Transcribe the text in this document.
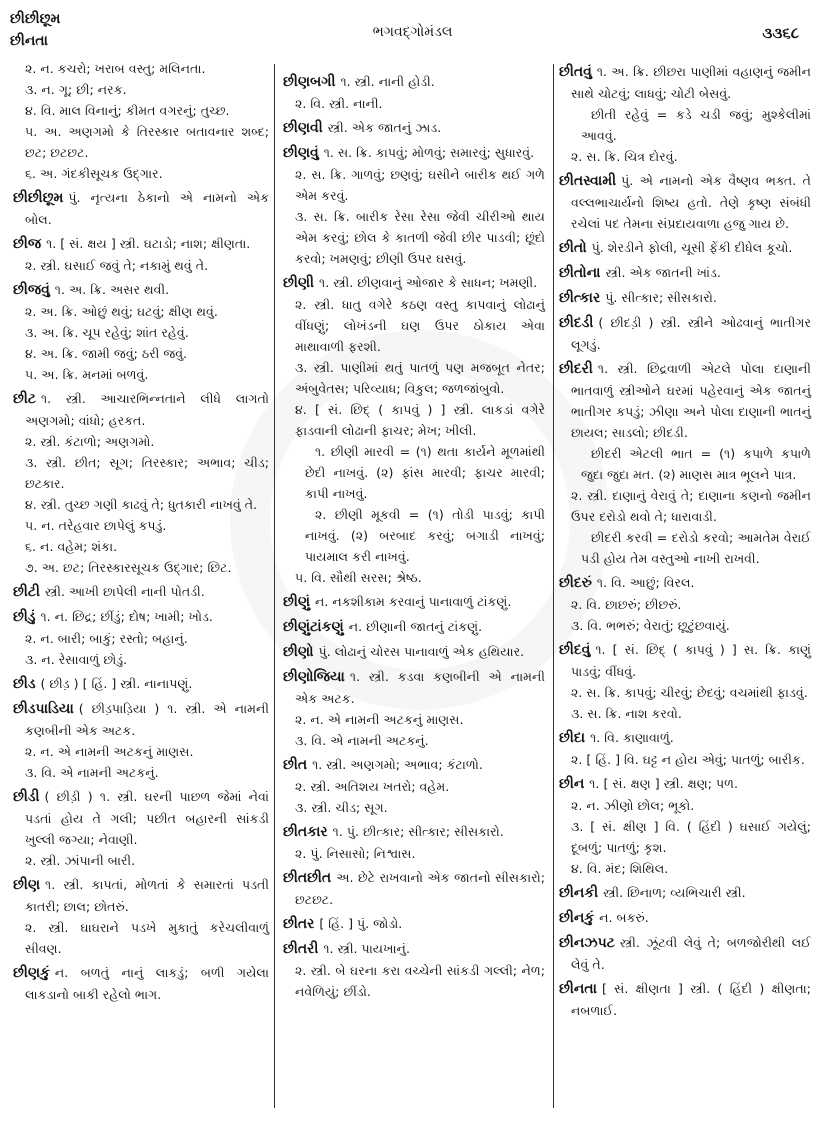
છીછીછૂમ
છીનતા
ભગવદ્ગોમંડલ	૩૩૬૮

૨. ન. કચરો; ખરાબ વસ્તુ; મલિનતા.

૩. ન. ગૂ; છી; નરક.

૪. વિ. માલ વિનાનું; કીમત વગરનું; તુચ્છ.

૫. અ. અણગમો કે તિરસ્કાર બતાવનાર શબ્દ; છટ; છટછટ.

૬. અ. ગંદકીસૂચક ઉદ્ગાર.

છીછીછૂમ પું. નૃત્યના ઠેકાનો એ નામનો એક બોલ.

છીજ ૧. [ સં. ક્ષય ] સ્ત્રી. ઘટાડો; નાશ; ક્ષીણતા.

૨. સ્ત્રી. ઘસાઈ જવું તે; નકામું થવું તે.

છીજવું ૧. અ. ક્રિ. અસર થવી.

૨. અ. ક્રિ. ઓછું થવું; ઘટવું; ક્ષીણ થવું.

૩. અ. ક્રિ. ચૂપ રહેવું; શાંત રહેવું.

૪. અ. ક્રિ. જામી જવું; ઠરી જવું.

૫. અ. ક્રિ. મનમાં બળવું.

છીટ ૧. સ્ત્રી. આચારભિન્નતાને લીધે લાગતો અણગમો; વાંધો; હરકત.

૨. સ્ત્રી. કંટાળો; અણગમો.

૩. સ્ત્રી. છીત; સૂગ; તિરસ્કાર; અભાવ; ચીડ; છટકાર.

૪. સ્ત્રી. તુચ્છ ગણી કાઢવું તે; ધુતકારી નાખવું તે.

૫. ન. તરેહવાર છાપેલું કપડું.

૬. ન. વહેમ; શંકા.

૭. અ. છટ; તિરસ્કારસૂચક ઉદ્ગાર; છિટ.

છીટી સ્ત્રી. આખી છાપેલી નાની પોતડી.

છીડું ૧. ન. છિદ્ર; છીંડું; દોષ; ખામી; ખોડ.

૨. ન. બારી; બાકું; રસ્તો; બહાનું.

૩. ન. રેસાવાળું છોડું.

છીડ ( છીડ઼ ) [ હિં. ] સ્ત્રી. નાનાપણું.

છીડપાડિયા ( છીડ઼પાડ઼િયા ) ૧. સ્ત્રી. એ નામની કણબીની એક અટક.

૨. ન. એ નામની અટકનું માણસ.

૩. વિ. એ નામની અટકનું.

છીડી ( છીડ઼ી ) ૧. સ્ત્રી. ઘરની પાછળ જેમાં નેવાં પડતાં હોય તે ગલી; પછીત બહારની સાંકડી ખુલ્લી જગ્યા; નેવાણી.

૨. સ્ત્રી. ઝાંપાની બારી.

છીણ ૧. સ્ત્રી. કાપતાં, મોળતાં કે સમારતાં પડતી કાતરી; છાલ; છોતરું.

૨. સ્ત્રી. ઘાઘરાને પડખે મુકાતું કરેચલીવાળું સીવણ.

છીણકું ન. બળતું નાનું લાકડું; બળી ગયેલા લાકડાનો બાકી રહેલો ભાગ.

છીણબગી ૧. સ્ત્રી. નાની હોડી.

૨. વિ. સ્ત્રી. નાની.

છીણવી સ્ત્રી. એક જાતનું ઝાડ.

છીણવું ૧. સ. ક્રિ. કાપવું; મોળવું; સમારવું; સુધારવું.

૨. સ. ક્રિ. ગાળવું; છણવું; ઘસીને બારીક થઈ ગળે એમ કરવું.

૩. સ. ક્રિ. બારીક રેસા રેસા જેવી ચીરીઓ થાય એમ કરવું; છોલ કે કાતળી જેવી છીર પાડવી; છૂંદો કરવો; ખમણવું; છીણી ઉપર ઘસવું.

છીણી ૧. સ્ત્રી. છીણવાનું ઓજાર કે સાધન; ખમણી.

૨. સ્ત્રી. ધાતુ વગેરે કઠણ વસ્તુ કાપવાનું લોઢાનું વીંધણું; લોખંડની ઘણ ઉપર ઠોકાય એવા માથાવાળી ફરશી.

૩. સ્ત્રી. પાણીમાં થતું પાતળું પણ મજબૂત નેતર; અંબુવેતસ; પરિવ્યાધ; વિકુલ; જળજાંબુવો.

૪. [ સં. છિદ્ ( કાપવું ) ] સ્ત્રી. લાકડાં વગેરે ફાડવાની લોઢાની ફાચર; મેખ; ખીલી.

૧. છીણી મારવી = (૧) થતા કાર્યને મૂળમાંથી છેદી નાખવું. (૨) ફાંસ મારવી; ફાચર મારવી; કાપી નાખવું.

૨. છીણી મૂકવી = (૧) તોડી પાડવું; કાપી નાખવું. (૨) બરબાદ કરવું; બગાડી નાખવું; પાયમાલ કરી નાખવું.

૫. વિ. સૌથી સરસ; શ્રેષ્ઠ.

છીણું ન. નકશીકામ કરવાનું પાનાવાળું ટાંકણું.

છીણુંટાંકણું ન. છીણાની જાતનું ટાંકણું.

છીણો પું. લોઢાનું ચોરસ પાનાવાળું એક હથિયાર.

છીણોજિયા ૧. સ્ત્રી. કડવા કણબીની એ નામની એક અટક.

૨. ન. એ નામની અટકનું માણસ.

૩. વિ. એ નામની અટકનું.

છીત ૧. સ્ત્રી. અણગમો; અભાવ; કંટાળો.

૨. સ્ત્રી. અતિશય ખતરો; વહેમ.

૩. સ્ત્રી. ચીડ; સૂગ.

છીતકાર ૧. પું. છીત્કાર; સીત્કાર; સીસકારો.

૨. પું. નિસાસો; નિશ્વાસ.

છીતછીત અ. છેટે રાખવાનો એક જાતનો સીસકારો; છટછટ.

છીતર [ હિં. ] પું. જોડો.

છીતરી ૧. સ્ત્રી. પાયખાનું.

૨. સ્ત્રી. બે ઘરના કરા વચ્ચેની સાંકડી ગલ્લી; નેળ; નવેળિયું; છીંડો.

છીતવું ૧. અ. ક્રિ. છીછરા પાણીમાં વહાણનું જમીન સાથે ચોટવું; લાધવું; ચોટી બેસવું.

છીતી રહેવું = કડે ચડી જવું; મુશ્કેલીમાં આવવું.

૨. સ. ક્રિ. ચિત્ર દોરવું.

છીતસ્વામી પું. એ નામનો એક વૈષ્ણવ ભક્ત. તે વલ્લભાચાર્યનો શિષ્ય હતો. તેણે કૃષ્ણ સંબંધી રચેલાં પદ તેમના સંપ્રદાયવાળા હજુ ગાય છે.

છીતો પું. શેરડીને ફોલી, ચૂસી ફેંકી દીધેલ કૂચો.

છીતોના સ્ત્રી. એક જાતની ખાંડ.

છીત્કાર પું. સીત્કાર; સીસકારો.

છીદડી ( છીદડ઼ી ) સ્ત્રી. સ્ત્રીને ઓઢવાનું ભાતીગર લૂગડું.

છીદરી ૧. સ્ત્રી. છિદ્રવાળી એટલે પોલા દાણાની ભાતવાળું સ્ત્રીઓને ઘરમાં પહેરવાનું એક જાતનું ભાતીગર કપડું; ઝીણા અને પોલા દાણાની ભાતનું છાયલ; સાડલો; છીદડી.

છીદરી એટલી ભાત = (૧) કપાળે કપાળે જુદા જુદા મત. (૨) માણસ માત્ર ભૂલને પાત્ર.

૨. સ્ત્રી. દાણાનું વેરાવું તે; દાણાના કણનો જમીન ઉપર દરોડો થવો તે; ધારાવાડી.

છીદરી કરવી = દરોડો કરવો; આમતેમ વેરાઈ પડી હોય તેમ વસ્તુઓ નાખી રાખવી.

છીદરું ૧. વિ. આછું; વિરલ.

૨. વિ. છાછરું; છીછરું.

૩. વિ. ભભરું; વેરાતું; છૂટુંછવાયું.

છીદવું ૧. [ સં. છિદ્ ( કાપવું ) ] સ. ક્રિ. કાણું પાડવું; વીંધવું.

૨. સ. ક્રિ. કાપવું; ચીરવું; છેદવું; વચમાંથી ફાડવું.

૩. સ. ક્રિ. નાશ કરવો.

છીદા ૧. વિ. કાણાવાળું.

૨. [ હિં. ] વિ. ઘટ્ટ ન હોય એવું; પાતળું; બારીક.

છીન ૧. [ સં. ક્ષણ ] સ્ત્રી. ક્ષણ; પળ.

૨. ન. ઝીણો છોલ; ભૂકો.

૩. [ સં. ક્ષીણ ] વિ. ( હિંદી ) ઘસાઈ ગયેલું; દૂબળું; પાતળું; કૃશ.

૪. વિ. મંદ; શિથિલ.

છીનકી સ્ત્રી. છિનાળ; વ્યભિચારી સ્ત્રી.

છીનકું ન. બકરું.

છીનઝપટ સ્ત્રી. ઝૂંટવી લેવું તે; બળજોરીથી લઈ લેવું તે.

છીનતા [ સં. ક્ષીણતા ] સ્ત્રી. ( હિંદી ) ક્ષીણતા; નબળાઈ.
